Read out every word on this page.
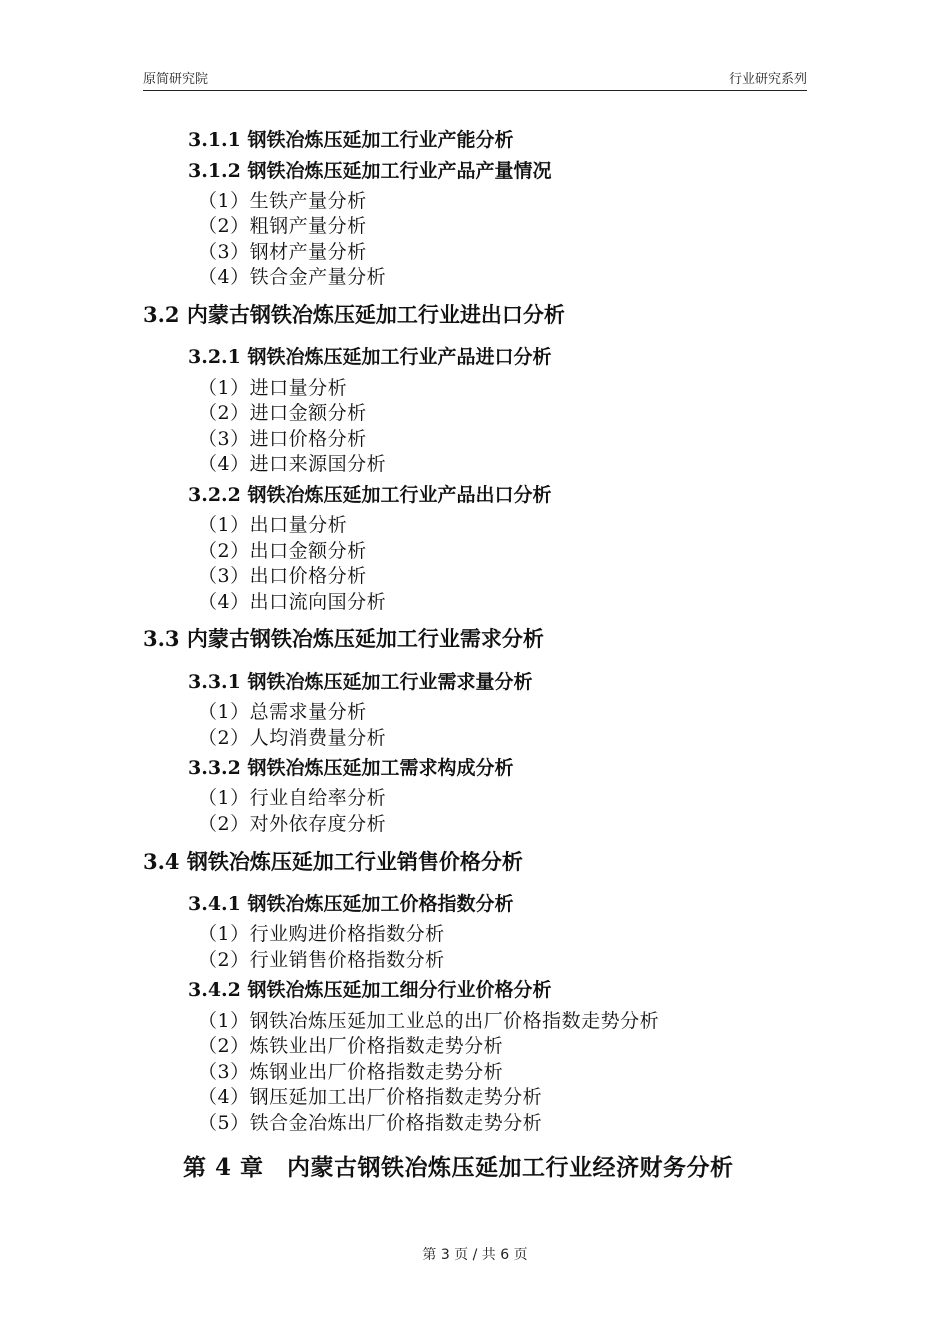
原简研究院	行业研究系列
3.1.1 钢铁冶炼压延加工行业产能分析
3.1.2 钢铁冶炼压延加工行业产品产量情况
（1）生铁产量分析
（2）粗钢产量分析
（3）钢材产量分析
（4）铁合金产量分析
3.2 内蒙古钢铁冶炼压延加工行业进出口分析
3.2.1 钢铁冶炼压延加工行业产品进口分析
（1）进口量分析
（2）进口金额分析
（3）进口价格分析
（4）进口来源国分析
3.2.2 钢铁冶炼压延加工行业产品出口分析
（1）出口量分析
（2）出口金额分析
（3）出口价格分析
（4）出口流向国分析
3.3 内蒙古钢铁冶炼压延加工行业需求分析
3.3.1 钢铁冶炼压延加工行业需求量分析
（1）总需求量分析
（2）人均消费量分析
3.3.2 钢铁冶炼压延加工需求构成分析
（1）行业自给率分析
（2）对外依存度分析
3.4 钢铁冶炼压延加工行业销售价格分析
3.4.1 钢铁冶炼压延加工价格指数分析
（1）行业购进价格指数分析
（2）行业销售价格指数分析
3.4.2 钢铁冶炼压延加工细分行业价格分析
（1）钢铁冶炼压延加工业总的出厂价格指数走势分析
（2）炼铁业出厂价格指数走势分析
（3）炼钢业出厂价格指数走势分析
（4）钢压延加工出厂价格指数走势分析
（5）铁合金冶炼出厂价格指数走势分析
第 4 章　内蒙古钢铁冶炼压延加工行业经济财务分析
第 3 页 / 共 6 页
